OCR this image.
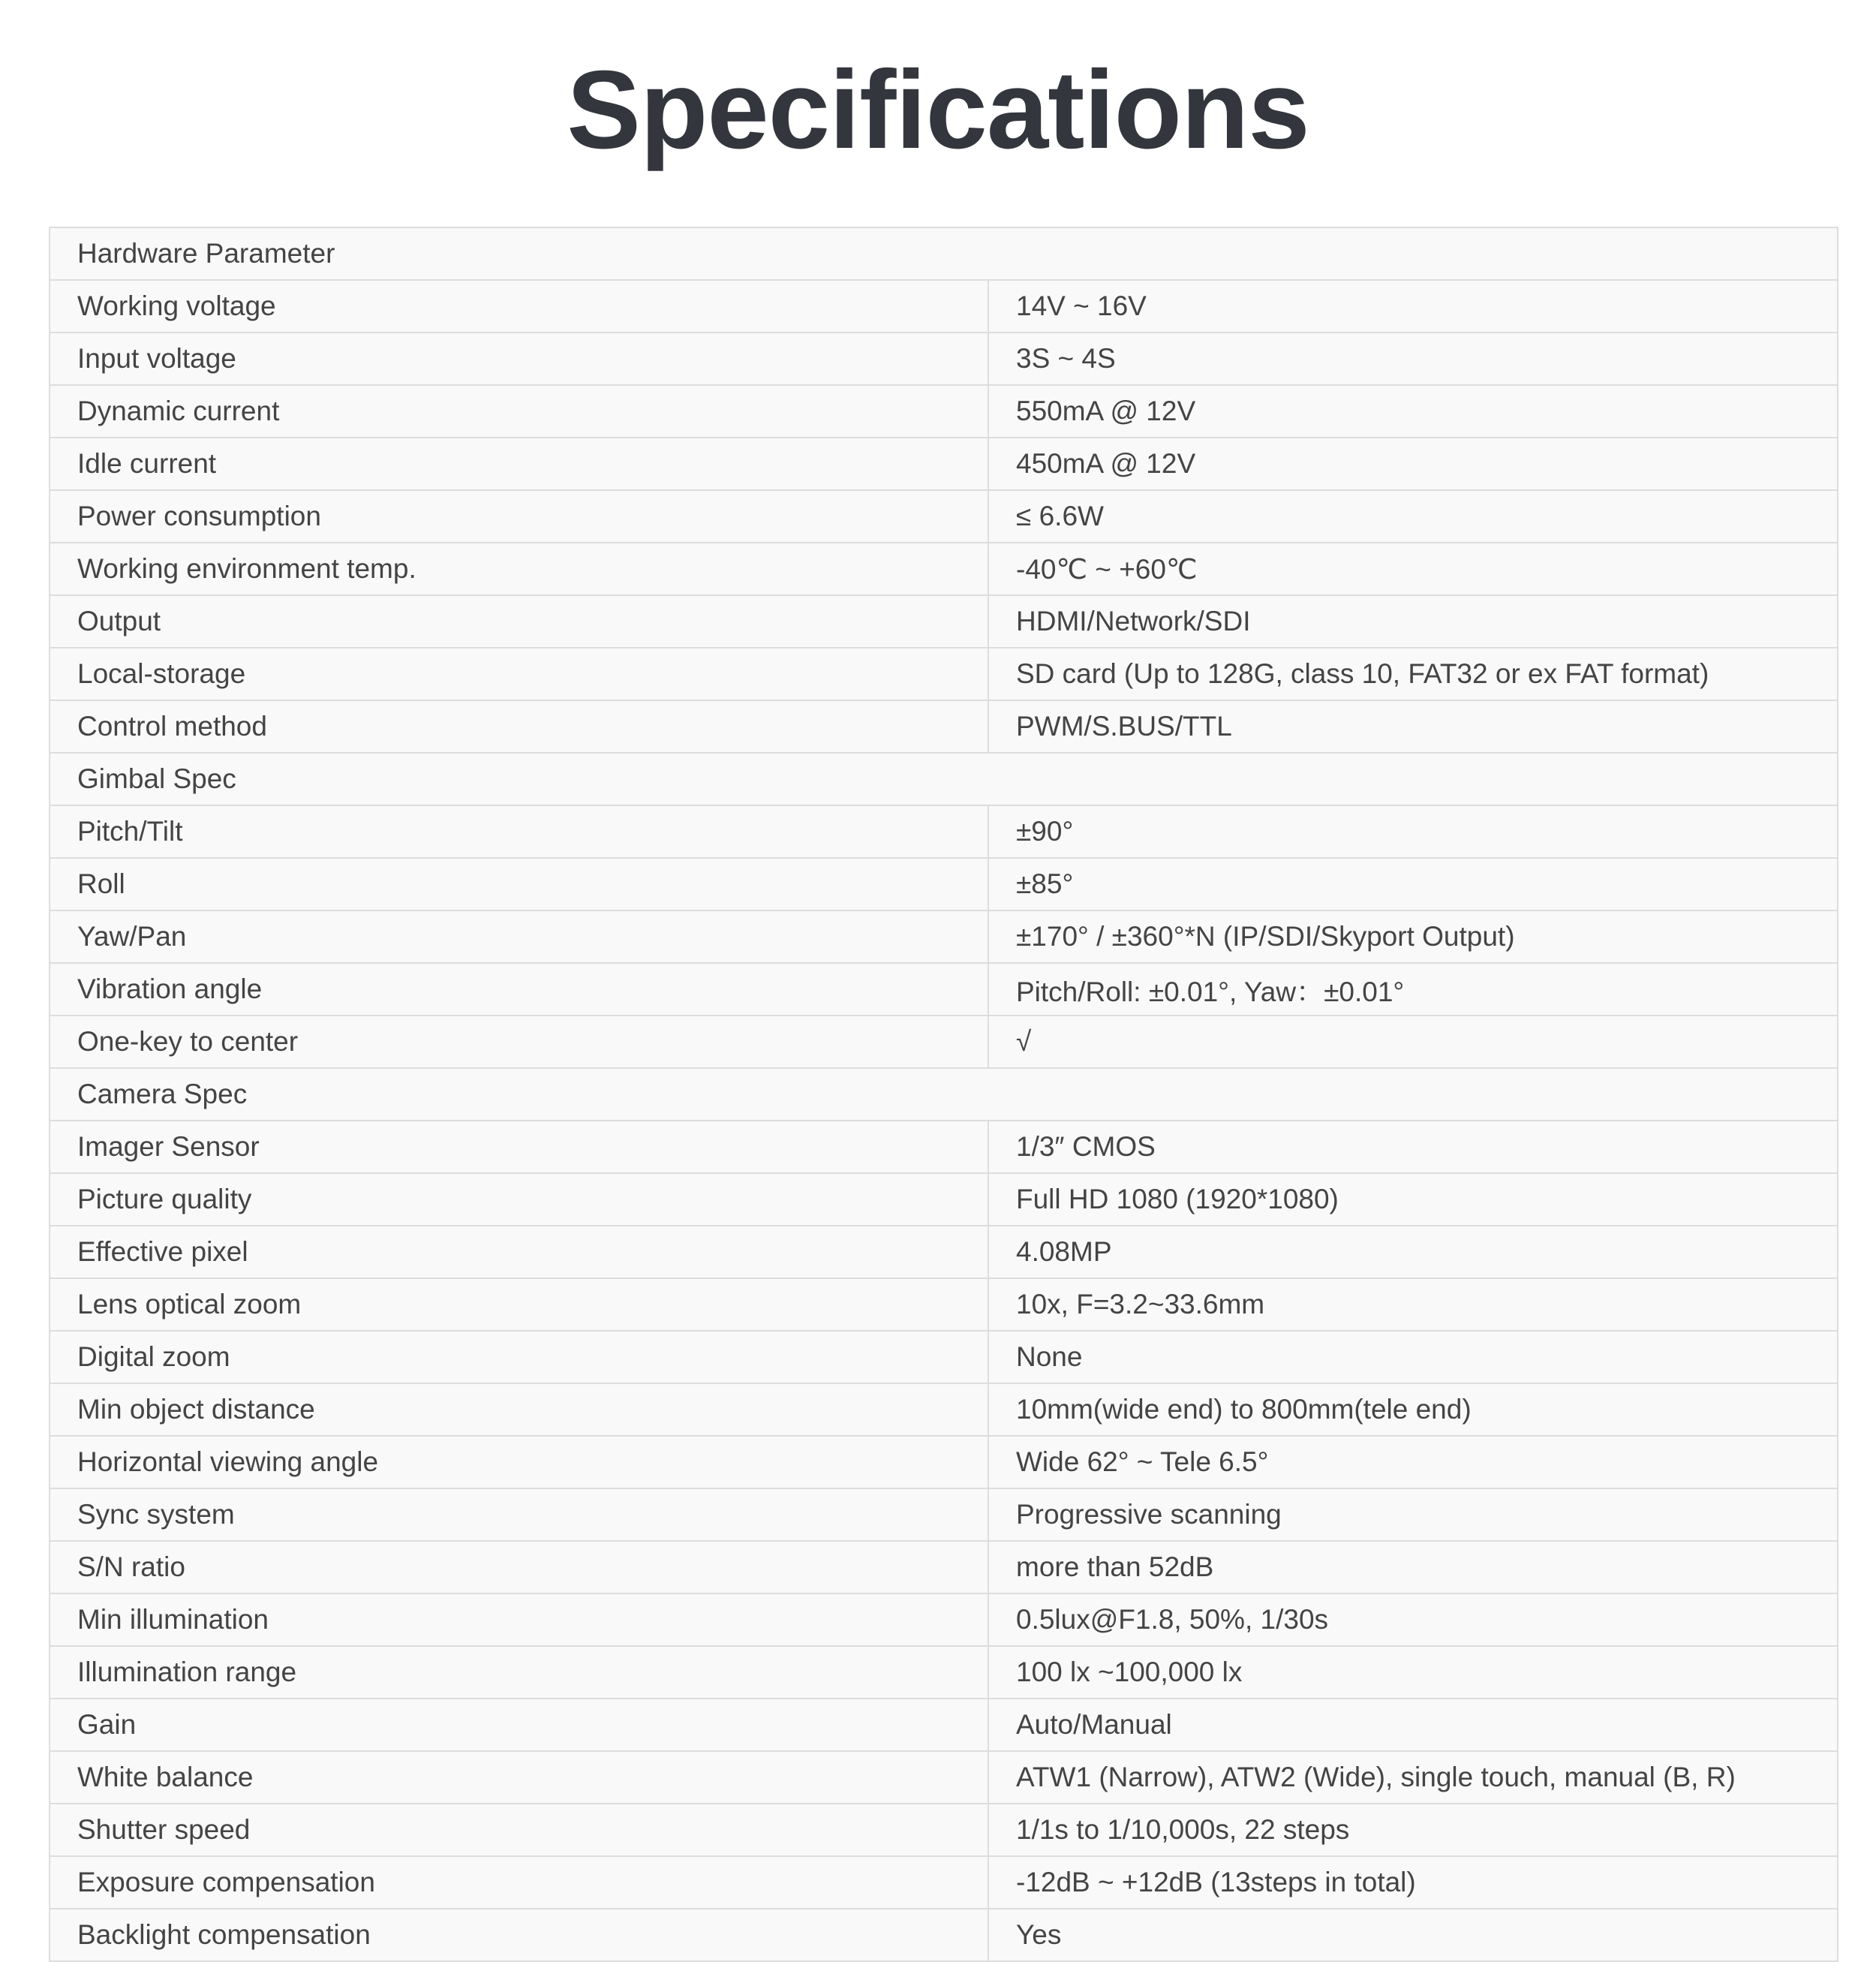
Specifications
Hardware Parameter	
Working voltage	14V ~ 16V
Input voltage	3S ~ 4S
Dynamic current	550mA @ 12V
Idle current	450mA @ 12V
Power consumption	≤ 6.6W
Working environment temp.	-40℃ ~ +60℃
Output	HDMI/Network/SDI
Local-storage	SD card (Up to 128G, class 10, FAT32 or ex FAT format)
Control method	PWM/S.BUS/TTL
Gimbal Spec	
Pitch/Tilt	±90°
Roll	±85°
Yaw/Pan	±170° / ±360°*N (IP/SDI/Skyport Output)
Vibration angle	Pitch/Roll: ±0.01°, Yaw：±0.01°
One-key to center	√
Camera Spec	
Imager Sensor	1/3″ CMOS
Picture quality	Full HD 1080 (1920*1080)
Effective pixel	4.08MP
Lens optical zoom	10x, F=3.2~33.6mm
Digital zoom	None
Min object distance	10mm(wide end) to 800mm(tele end)
Horizontal viewing angle	Wide 62° ~ Tele 6.5°
Sync system	Progressive scanning
S/N ratio	more than 52dB
Min illumination	0.5lux@F1.8, 50%, 1/30s
Illumination range	100 lx ~100,000 lx
Gain	Auto/Manual
White balance	ATW1 (Narrow), ATW2 (Wide), single touch, manual (B, R)
Shutter speed	1/1s to 1/10,000s, 22 steps
Exposure compensation	-12dB ~ +12dB (13steps in total)
Backlight compensation	Yes
